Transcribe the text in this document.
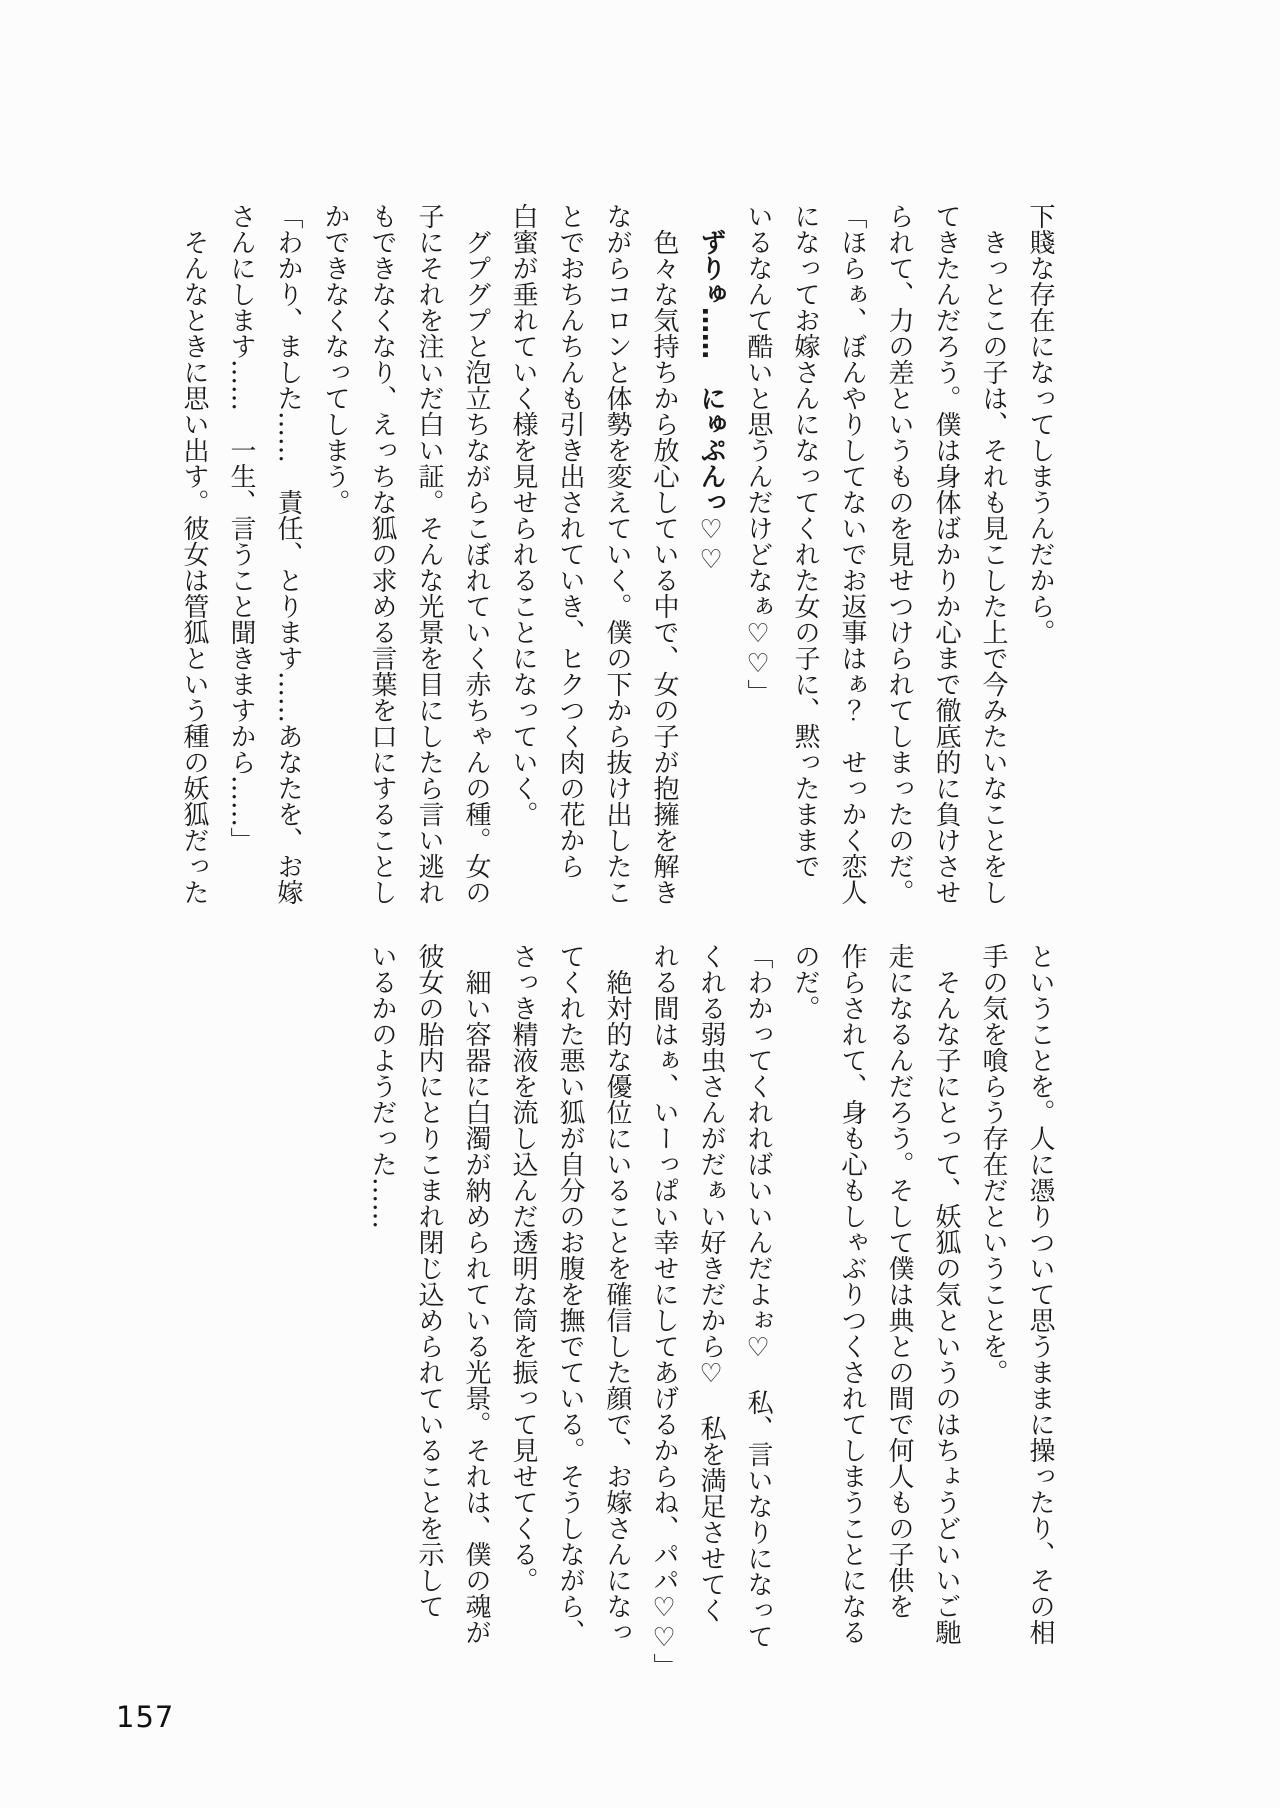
下賤な存在になってしまうんだから。
　きっとこの子は、それも見こした上で今みたいなことをし
てきたんだろう。僕は身体ばかりか心まで徹底的に負けさせ
られて、力の差というものを見せつけられてしまったのだ。
「ほらぁ、ぼんやりしてないでお返事はぁ？　せっかく恋人
になってお嫁さんになってくれた女の子に、黙ったままで
いるなんて酷いと思うんだけどなぁ♡♡」
　ずりゅ……　にゅぷんっ♡♡
　色々な気持ちから放心している中で、女の子が抱擁を解き
ながらコロンと体勢を変えていく。僕の下から抜け出したこ
とでおちんちんも引き出されていき、ヒクつく肉の花から
白蜜が垂れていく様を見せられることになっていく。
　グプグプと泡立ちながらこぼれていく赤ちゃんの種。女の
子にそれを注いだ白い証。そんな光景を目にしたら言い逃れ
もできなくなり、えっちな狐の求める言葉を口にすることし
かできなくなってしまう。
「わかり、ました……　責任、とります……あなたを、お嫁
さんにします……　一生、言うこと聞きますから……」
　そんなときに思い出す。彼女は管狐という種の妖狐だった
ということを。人に憑りついて思うままに操ったり、その相
手の気を喰らう存在だということを。
　そんな子にとって、妖狐の気というのはちょうどいいご馳
走になるんだろう。そして僕は典との間で何人もの子供を
作らされて、身も心もしゃぶりつくされてしまうことになる
のだ。
「わかってくれればいいんだよぉ♡　私、言いなりになって
くれる弱虫さんがだぁい好きだから♡　私を満足させてく
れる間はぁ、いーっぱい幸せにしてあげるからね、パパ♡♡」
　絶対的な優位にいることを確信した顔で、お嫁さんになっ
てくれた悪い狐が自分のお腹を撫でている。そうしながら、
さっき精液を流し込んだ透明な筒を振って見せてくる。
　細い容器に白濁が納められている光景。それは、僕の魂が
彼女の胎内にとりこまれ閉じ込められていることを示して
いるかのようだった……
157
